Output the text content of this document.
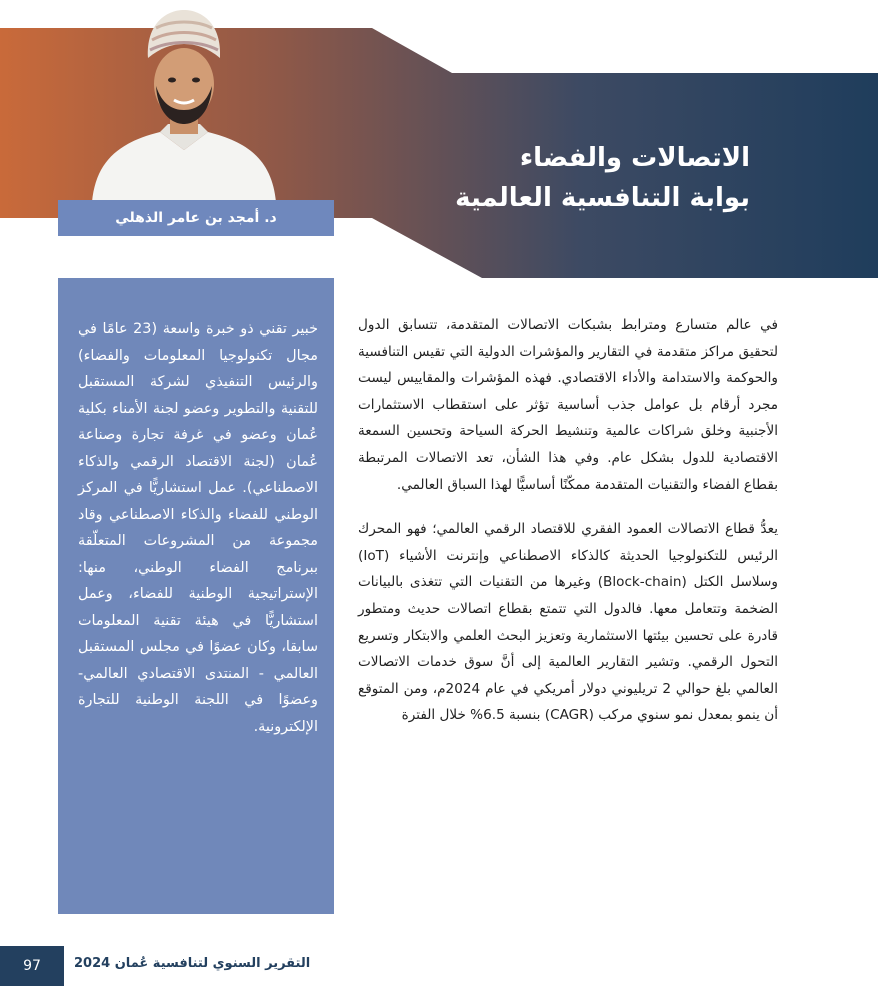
د. أمجد بن عامر الذهلي
الاتصالات والفضاء
بوابة التنافسية العالمية
خبير تقني ذو خبرة واسعة (23 عامًا في مجال تكنولوجيا المعلومات والفضاء) والرئيس التنفيذي لشركة المستقبل للتقنية والتطوير وعضو لجنة الأمناء بكلية عُمان وعضو في غرفة تجارة وصناعة عُمان (لجنة الاقتصاد الرقمي والذكاء الاصطناعي). عمل استشاريًّا في المركز الوطني للفضاء والذكاء الاصطناعي وقاد مجموعة من المشروعات المتعلّقة ببرنامج الفضاء الوطني، منها: الإستراتيجية الوطنية للفضاء، وعمل استشاريًّا في هيئة تقنية المعلومات سابقا، وكان عضوًا في مجلس المستقبل العالمي - المنتدى الاقتصادي العالمي- وعضوًا في اللجنة الوطنية للتجارة الإلكترونية.

في عالم متسارع ومترابط بشبكات الاتصالات المتقدمة، تتسابق الدول لتحقيق مراكز متقدمة في التقارير والمؤشرات الدولية التي تقيس التنافسية والحوكمة والاستدامة والأداء الاقتصادي. فهذه المؤشرات والمقاييس ليست مجرد أرقام بل عوامل جذب أساسية تؤثر على استقطاب الاستثمارات الأجنبية وخلق شراكات عالمية وتنشيط الحركة السياحة وتحسين السمعة الاقتصادية للدول بشكل عام. وفي هذا الشأن، تعد الاتصالات المرتبطة بقطاع الفضاء والتقنيات المتقدمة ممكّنًا أساسيًّا لهذا السباق العالمي.

يعدُّ قطاع الاتصالات العمود الفقري للاقتصاد الرقمي العالمي؛ فهو المحرك الرئيس للتكنولوجيا الحديثة كالذكاء الاصطناعي وإنترنت الأشياء (IoT) وسلاسل الكتل (Block-chain) وغيرها من التقنيات التي تتغذى بالبيانات الضخمة وتتعامل معها. فالدول التي تتمتع بقطاع اتصالات حديث ومتطور قادرة على تحسين بيئتها الاستثمارية وتعزيز البحث العلمي والابتكار وتسريع التحول الرقمي. وتشير التقارير العالمية إلى أنَّ سوق خدمات الاتصالات العالمي بلغ حوالي 2 تريليوني دولار أمريكي في عام 2024م، ومن المتوقع أن ينمو بمعدل نمو سنوي مركب (CAGR) بنسبة 6.5% خلال الفترة

97	التقرير السنوي لتنافسية عُمان 2024
